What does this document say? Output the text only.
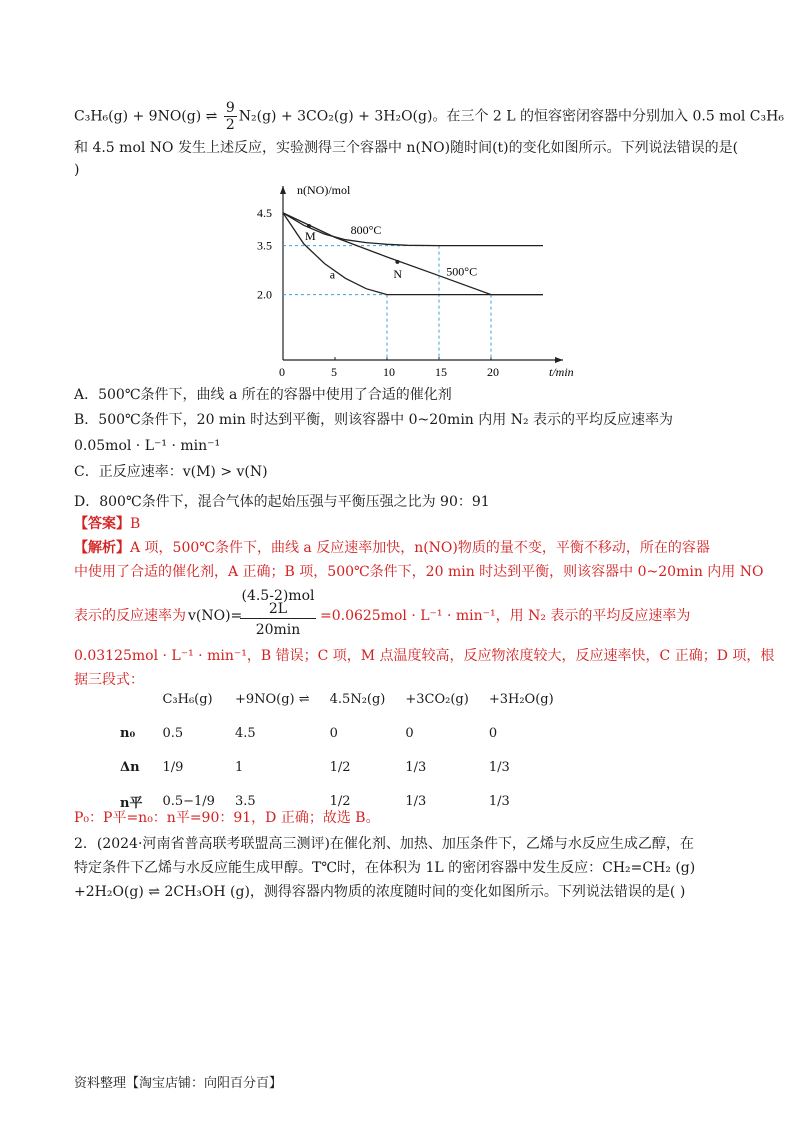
C₃H₆(g) + 9NO(g) ⇌ $\frac{9}{2} N_2(g) + 3CO_2(g) + 3H_2O(g)$。在三个 2 L 的恒容密闭容器中分别加入 0.5 mol C₃H₆
和 4.5 mol NO 发生上述反应，实验测得三个容器中 n(NO)随时间(t)的变化如图所示。下列说法错误的是(
)
n(NO)/mol
t/min
0	5	10	15	20
2.0
3.5
4.5
800°C
500°C
a
M
N
A．500℃条件下，曲线 a 所在的容器中使用了合适的催化剂
B．500℃条件下，20 min 时达到平衡，则该容器中 0~20min 内用 N₂ 表示的平均反应速率为
0.05mol · L⁻¹ · min⁻¹
C．正反应速率：v(M) > v(N)
D．800℃条件下，混合气体的起始压强与平衡压强之比为 90：91
【答案】B
【解析】A 项，500℃条件下，曲线 a 反应速率加快，n(NO)物质的量不变，平衡不移动，所在的容器
中使用了合适的催化剂，A 正确；B 项，500℃条件下，20 min 时达到平衡，则该容器中 0~20min 内用 NO
表示的反应速率为 v(NO)=
(4.5-2)mol
2L
20min
=0.0625mol · L⁻¹ · min⁻¹，用 N₂ 表示的平均反应速率为
0.03125mol · L⁻¹ · min⁻¹，B 错误；C 项，M 点温度较高，反应物浓度较大，反应速率快，C 正确；D 项，根
据三段式：
	C₃H₆(g)	+9NO(g) ⇌	4.5N₂(g)	+3CO₂(g)	+3H₂O(g)
n₀	0.5	4.5	0	0	0
Δn	1/9	1	1/2	1/3	1/3
n平	0.5−1/9	3.5	1/2	1/3	1/3
P₀：P平=n₀：n平=90：91，D 正确；故选 B。
2．(2024·河南省普高联考联盟高三测评)在催化剂、加热、加压条件下，乙烯与水反应生成乙醇，在
特定条件下乙烯与水反应能生成甲醇。T℃时，在体积为 1L 的密闭容器中发生反应：CH₂=CH₂ (g)
+2H₂O(g) ⇌ 2CH₃OH (g)，测得容器内物质的浓度随时间的变化如图所示。下列说法错误的是( )
资料整理【淘宝店铺：向阳百分百】
